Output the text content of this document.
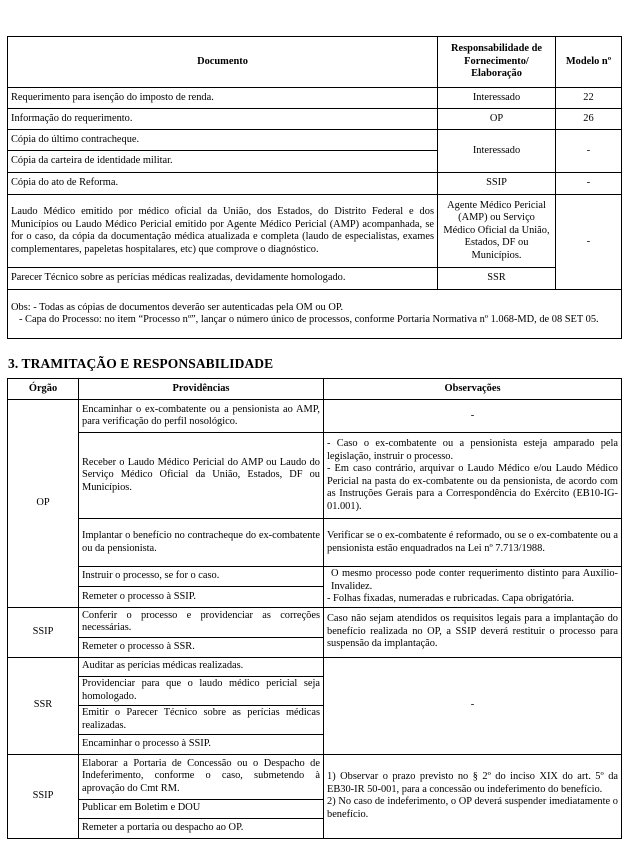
Documento	Responsabilidade de Fornecimento/ Elaboração	Modelo nº
Requerimento para isenção do imposto de renda.	Interessado	22
Informação do requerimento.	OP	26
Cópia do último contracheque.	Interessado	-
Cópia da carteira de identidade militar.		
Cópia do ato de Reforma.	SSIP	-
Laudo Médico emitido por médico oficial da União, dos Estados, do Distrito Federal e dos Municípios ou Laudo Médico Pericial emitido por Agente Médico Pericial (AMP) acompanhada, se for o caso, da cópia da documentação médica atualizada e completa (laudo de especialistas, exames complementares, papeletas hospitalares, etc) que comprove o diagnóstico.	Agente Médico Pericial (AMP) ou Serviço Médico Oficial da União, Estados, DF ou Municípios.	-
Parecer Técnico sobre as perícias médicas realizadas, devidamente homologado.	SSR	

Obs: - Todas as cópias de documentos deverão ser autenticadas pela OM ou OP.
- Capa do Processo: no item “Processo nº”, lançar o número único de processos, conforme Portaria Normativa nº 1.068-MD, de 08 SET 05.		
3. TRAMITAÇÃO E RESPONSABILIDADE
Órgão	Providências	Observações
OP	Encaminhar o ex-combatente ou a pensionista ao AMP, para verificação do perfil nosológico.	-
	Receber o Laudo Médico Pericial do AMP ou Laudo do Serviço Médico Oficial da União, Estados, DF ou Municípios.	- Caso o ex-combatente ou a pensionista esteja amparado pela legislação, instruir o processo.
- Em caso contrário, arquivar o Laudo Médico e/ou Laudo Médico Pericial na pasta do ex-combatente ou da pensionista, de acordo com as Instruções Gerais para a Correspondência do Exército (EB10-IG-01.001).

	Implantar o benefício no contracheque do ex-combatente ou da pensionista.	Verificar se o ex-combatente é reformado, ou se o ex-combatente ou a pensionista estão enquadrados na Lei nº 7.713/1988.
	Instruir o processo, se for o caso.	O mesmo processo pode conter requerimento distinto para Auxílio-Invalidez.
- Folhas fixadas, numeradas e rubricadas. Capa obrigatória.

	Remeter o processo à SSIP.	
SSIP	Conferir o processo e providenciar as correções necessárias.	Caso não sejam atendidos os requisitos legais para a implantação do benefício realizada no OP, a SSIP deverá restituir o processo para suspensão da implantação.
	Remeter o processo à SSR.	
SSR	Auditar as perícias médicas realizadas.	-
	Providenciar para que o laudo médico pericial seja homologado.	
	Emitir o Parecer Técnico sobre as perícias médicas realizadas.	
	Encaminhar o processo à SSIP.	
SSIP	Elaborar a Portaria de Concessão ou o Despacho de Indeferimento, conforme o caso, submetendo à aprovação do Cmt RM.	1) Observar o prazo previsto no § 2º do inciso XIX do art. 5º da EB30-IR 50-001, para a concessão ou indeferimento do benefício.
2) No caso de indeferimento, o OP deverá suspender imediatamente o benefício.

	Publicar em Boletim e DOU	
	Remeter a portaria ou despacho ao OP.	
